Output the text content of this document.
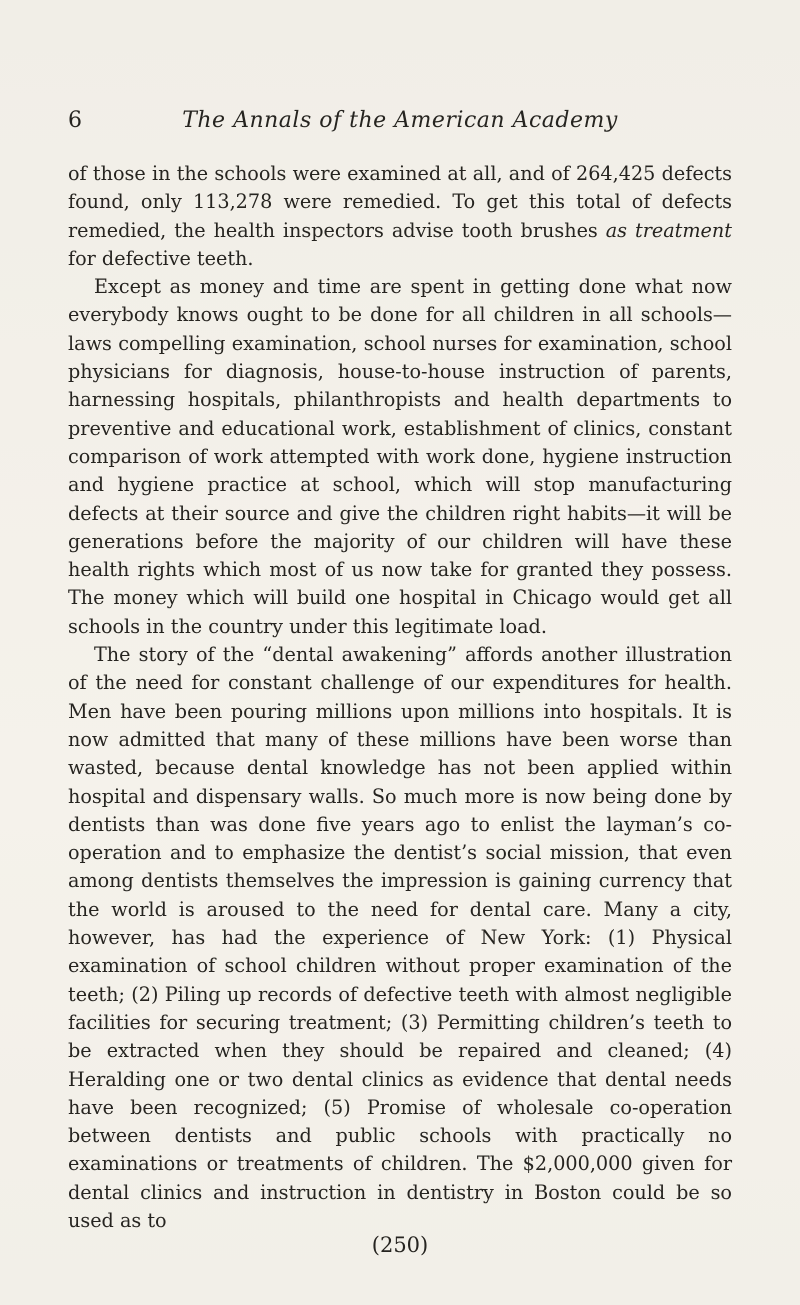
6	The Annals of the American Academy

of those in the schools were examined at all, and of 264,425 defects found, only 113,278 were remedied. To get this total of defects remedied, the health inspectors advise tooth brushes as treatment for defective teeth.

Except as money and time are spent in getting done what now everybody knows ought to be done for all children in all schools—laws compelling examination, school nurses for examination, school physicians for diagnosis, house-to-house instruction of parents, harnessing hospitals, philanthropists and health departments to preventive and educational work, establishment of clinics, constant comparison of work attempted with work done, hygiene instruction and hygiene practice at school, which will stop manufacturing defects at their source and give the children right habits—it will be generations before the majority of our children will have these health rights which most of us now take for granted they possess. The money which will build one hospital in Chicago would get all schools in the country under this legitimate load.

The story of the “dental awakening” affords another illustration of the need for constant challenge of our expenditures for health. Men have been pouring millions upon millions into hospitals. It is now admitted that many of these millions have been worse than wasted, because dental knowledge has not been applied within hospital and dispensary walls. So much more is now being done by dentists than was done five years ago to enlist the layman’s co-operation and to emphasize the dentist’s social mission, that even among dentists themselves the impression is gaining currency that the world is aroused to the need for dental care. Many a city, however, has had the experience of New York: (1) Physical examination of school children without proper examination of the teeth; (2) Piling up records of defective teeth with almost negligible facilities for securing treatment; (3) Permitting children’s teeth to be extracted when they should be repaired and cleaned; (4) Heralding one or two dental clinics as evidence that dental needs have been recognized; (5) Promise of wholesale co-operation between dentists and public schools with practically no examinations or treatments of children. The $2,000,000 given for dental clinics and instruction in dentistry in Boston could be so used as to

(250)
